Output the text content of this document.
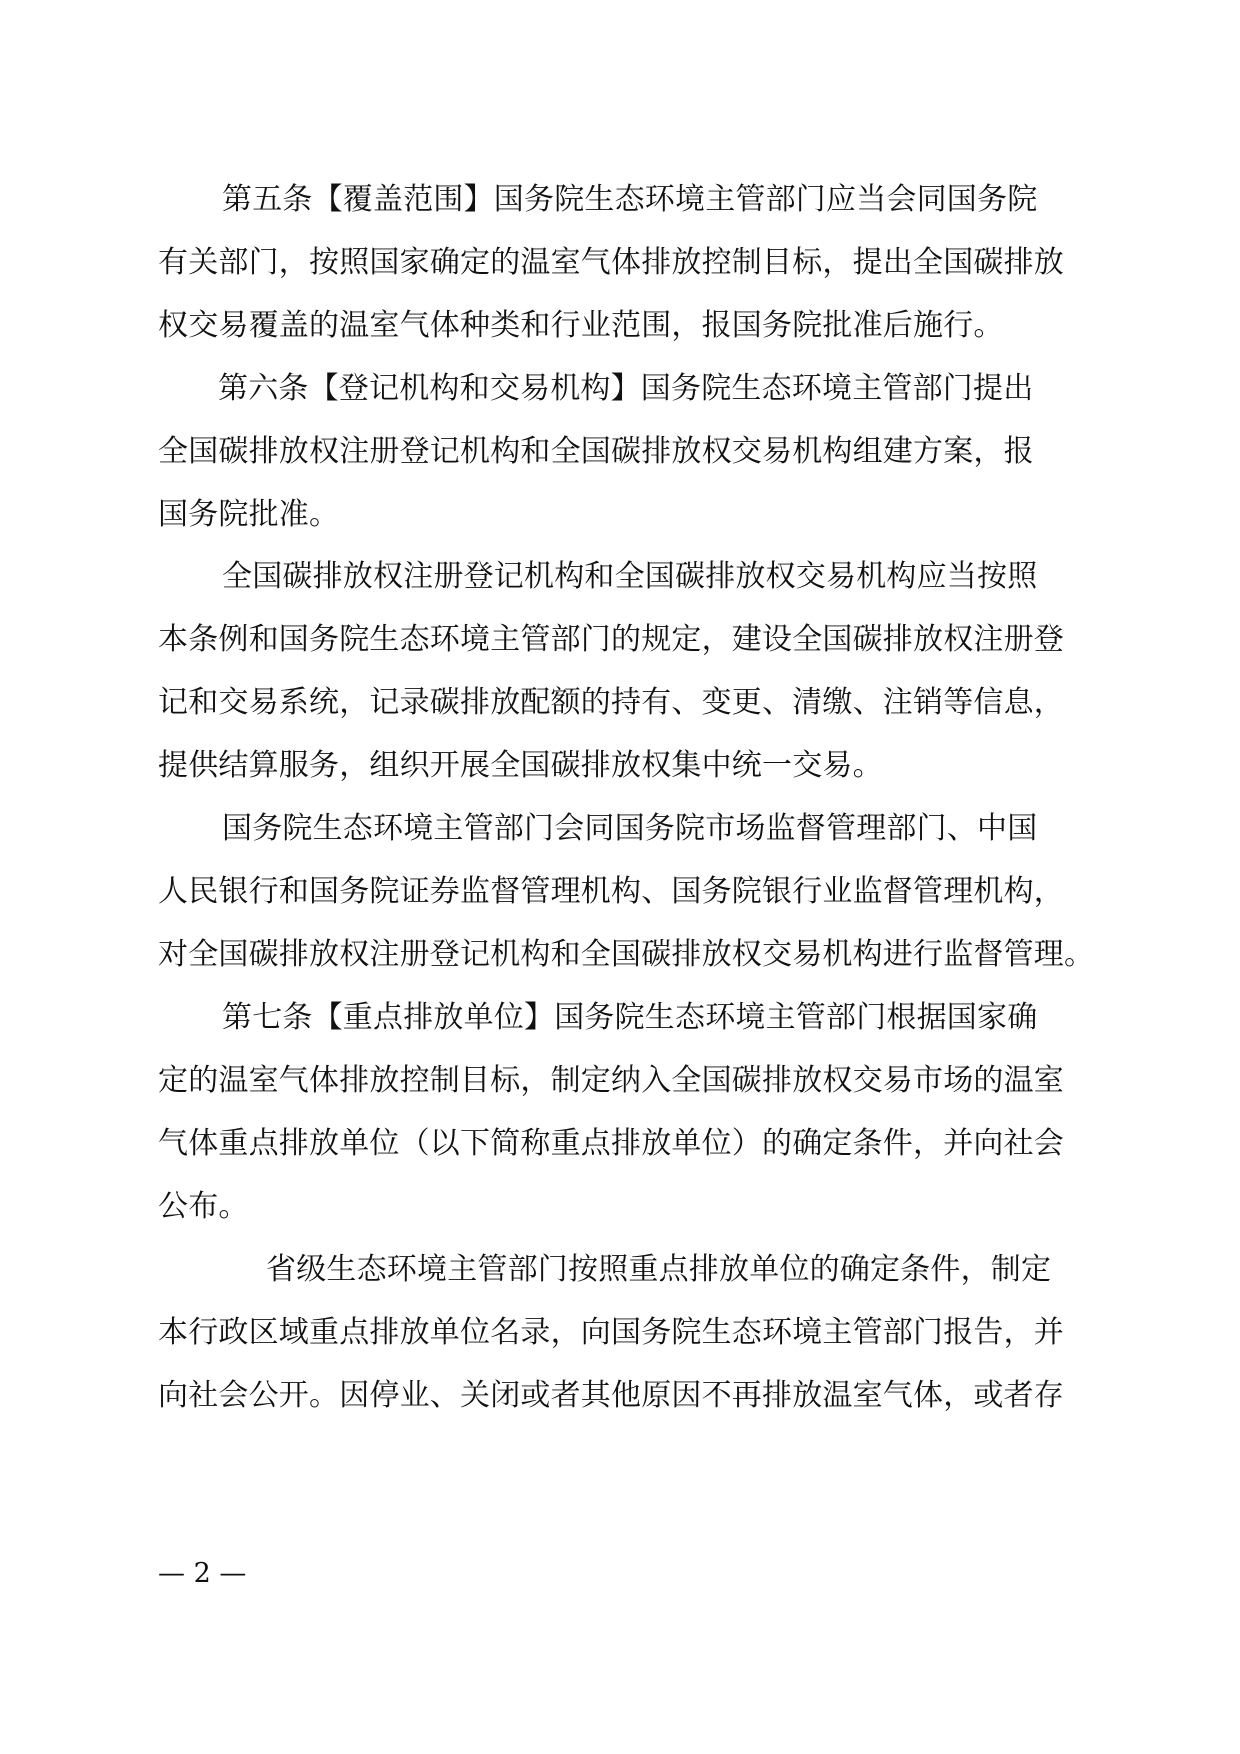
第五条【覆盖范围】国务院生态环境主管部门应当会同国务院
有关部门，按照国家确定的温室气体排放控制目标，提出全国碳排放
权交易覆盖的温室气体种类和行业范围，报国务院批准后施行。
第六条【登记机构和交易机构】国务院生态环境主管部门提出
全国碳排放权注册登记机构和全国碳排放权交易机构组建方案，报
国务院批准。
全国碳排放权注册登记机构和全国碳排放权交易机构应当按照
本条例和国务院生态环境主管部门的规定，建设全国碳排放权注册登
记和交易系统，记录碳排放配额的持有、变更、清缴、注销等信息，
提供结算服务，组织开展全国碳排放权集中统一交易。
国务院生态环境主管部门会同国务院市场监督管理部门、中国
人民银行和国务院证券监督管理机构、国务院银行业监督管理机构，
对全国碳排放权注册登记机构和全国碳排放权交易机构进行监督管理。
第七条【重点排放单位】国务院生态环境主管部门根据国家确
定的温室气体排放控制目标，制定纳入全国碳排放权交易市场的温室
气体重点排放单位（以下简称重点排放单位）的确定条件，并向社会
公布。
省级生态环境主管部门按照重点排放单位的确定条件，制定
本行政区域重点排放单位名录，向国务院生态环境主管部门报告，并
向社会公开。因停业、关闭或者其他原因不再排放温室气体，或者存
— 2 —
